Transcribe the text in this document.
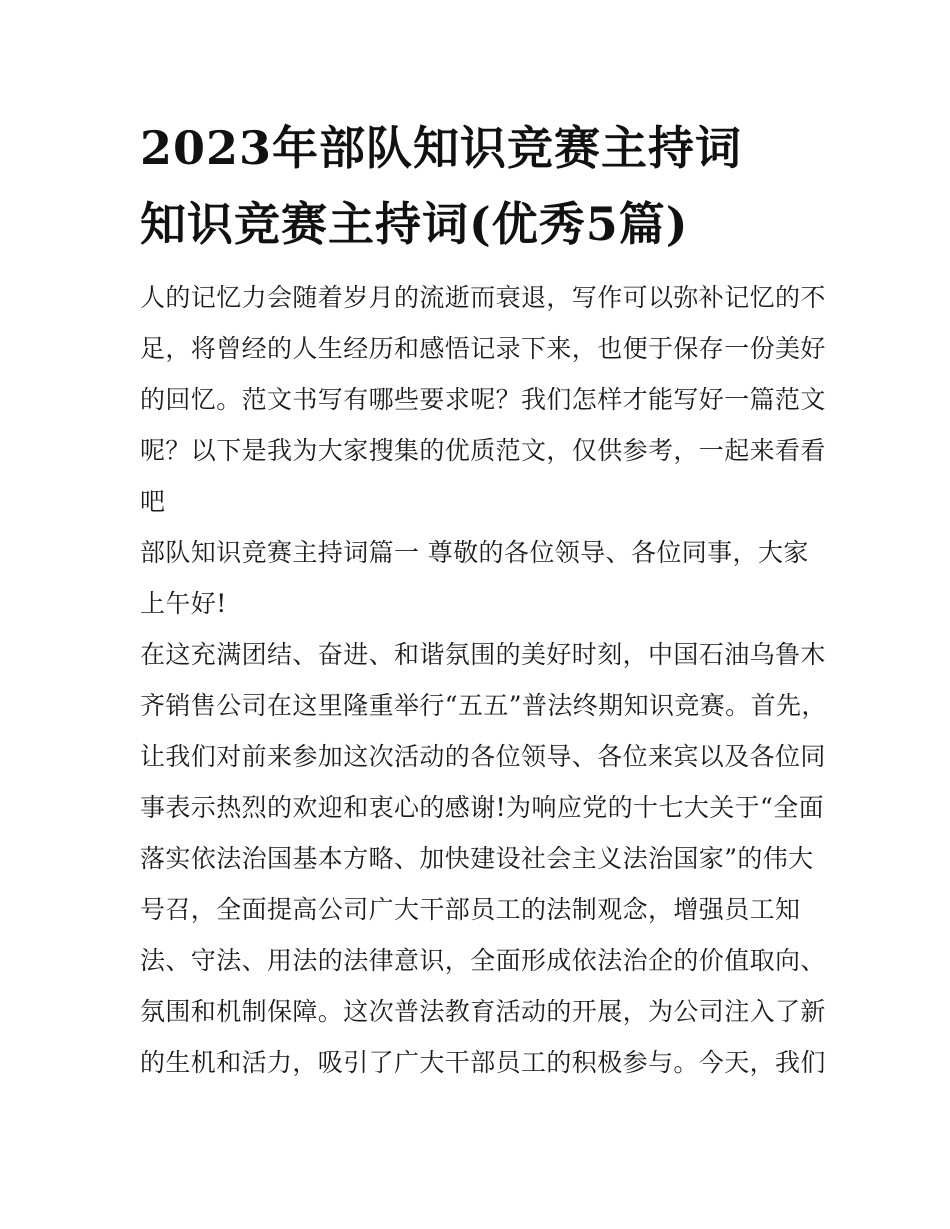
2023年部队知识竞赛主持词
知识竞赛主持词(优秀5篇)
人的记忆力会随着岁月的流逝而衰退，写作可以弥补记忆的不
足，将曾经的人生经历和感悟记录下来，也便于保存一份美好
的回忆。范文书写有哪些要求呢？我们怎样才能写好一篇范文
呢？以下是我为大家搜集的优质范文，仅供参考，一起来看看
吧
部队知识竞赛主持词篇一 尊敬的各位领导、各位同事，大家
上午好!
在这充满团结、奋进、和谐氛围的美好时刻，中国石油乌鲁木
齐销售公司在这里隆重举行“五五”普法终期知识竞赛。首先，
让我们对前来参加这次活动的各位领导、各位来宾以及各位同
事表示热烈的欢迎和衷心的感谢!为响应党的十七大关于“全面
落实依法治国基本方略、加快建设社会主义法治国家”的伟大
号召，全面提高公司广大干部员工的法制观念，增强员工知
法、守法、用法的法律意识，全面形成依法治企的价值取向、
氛围和机制保障。这次普法教育活动的开展，为公司注入了新
的生机和活力，吸引了广大干部员工的积极参与。今天，我们
